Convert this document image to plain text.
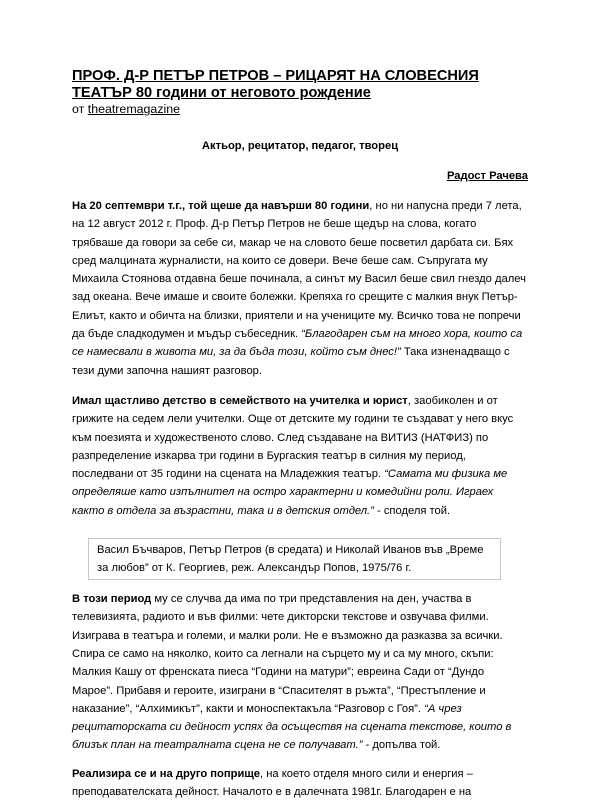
ПРОФ. Д-Р ПЕТЪР ПЕТРОВ – РИЦАРЯТ НА СЛОВЕСНИЯ ТЕАТЪР 80 години от неговото рождение
от theatremagazine
Актьор, рецитатор, педагог, творец
Радост Рачева

На 20 септември т.г., той щеше да навърши 80 години, но ни напусна преди 7 лета, на 12 август 2012 г. Проф. Д-р Петър Петров не беше щедър на слова, когато трябваше да говори за себе си, макар че на словото беше посветил дарбата си. Бях сред малцината журналисти, на които се довери. Вече беше сам. Съпругата му Михаила Стоянова отдавна беше починала, а синът му Васил беше свил гнездо далеч зад океана. Вече имаше и своите болежки. Крепяха го срещите с малкия внук Петър-Елиът, както и обичта на близки, приятели и на учениците му. Всичко това не попречи да бъде сладкодумен и мъдър събеседник. “Благодарен съм на много хора, които са се намесвали в живота ми, за да бъда този, който съм днес!” Така изненадващо с тези думи започна нашият разговор.

Имал щастливо детство в семейството на учителка и юрист, заобиколен и от грижите на седем лели учителки. Още от детските му години те създават у него вкус към поезията и художественото слово. След създаване на ВИТИЗ (НАТФИЗ) по разпределение изкарва три години в Бургаския театър в силния му период, последвани от 35 години на сцената на Младежкия театър. “Самата ми физика ме определяше като изпълнител на остро характерни и комедийни роли. Играех както в отдела за възрастни, така и в детския отдел.” - споделя той.

Васил Бъчваров, Петър Петров (в средата) и Николай Иванов във „Време за любов” от К. Георгиев, реж. Александър Попов, 1975/76 г.

В този период му се случва да има по три представления на ден, участва в телевизията, радиото и във филми: чете дикторски текстове и озвучава филми. Изиграва в театъра и големи, и малки роли. Не е възможно да разказва за всички. Спира се само на няколко, които са легнали на сърцето му и са му много, скъпи: Малкия Кашу от френската пиеса “Години на матури”; евреина Сади от “Дундо Мароe”. Прибавя и героите, изиграни в “Спасителят в ръжта”, “Престъпление и наказание”, “Алхимикът”, какти и моноспектакъла “Разговор с Гоя”. “А чрез рецитаторската си дейност успях да осъществя на сцената текстове, които в близък план на театралната сцена не се получават.” - допълва той.

Реализира се и на друго поприще, на което отделя много сили и енергия – преподавателската дейност. Началото е в далечната 1981г. Благодарен е на
